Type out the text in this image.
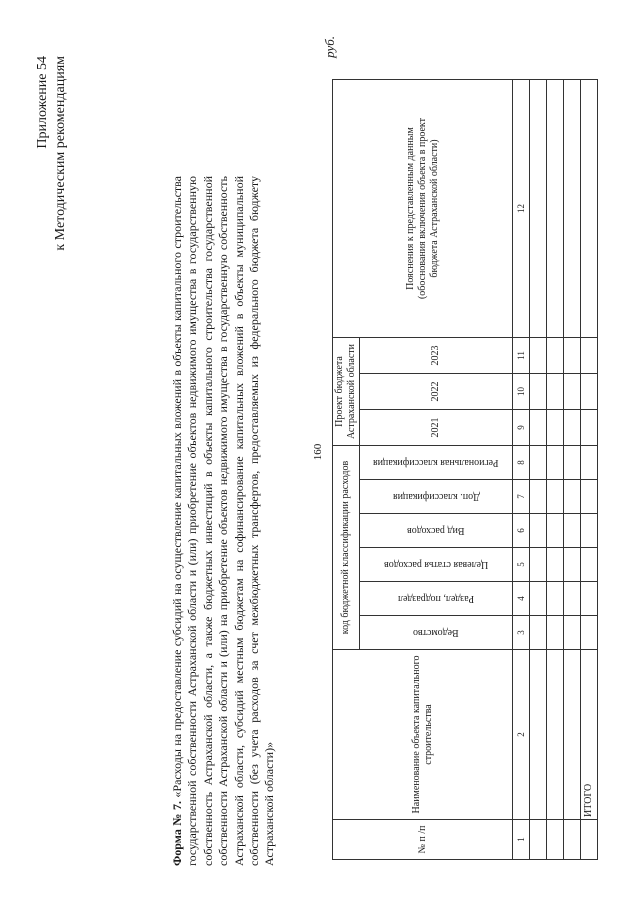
160
Приложение 54 к Методическим рекомендациям
Форма № 7. «Расходы на предоставление субсидий на осуществление капитальных вложений в объекты капитального строительства государственной собственности Астраханской области и (или) приобретение объектов недвижимого имущества в государственную собственность Астраханской области, а также бюджетных инвестиций в объекты капитального строительства государственной собственности Астраханской области и (или) на приобретение объектов недвижимого имущества в государственную собственность Астраханской области, субсидий местным бюджетам на софинансирование капитальных вложений в объекты муниципальной собственности (без учета расходов за счет межбюджетных трансфертов, предоставляемых из федерального бюджета бюджету Астраханской области)»
руб.
№ п /п	Наименование объекта капитального строительства	код бюджетной классификации расходов						Проект бюджета Астраханской области			Пояснения к представленным данным (обоснования включения объекта в проект бюджета Астраханской области)

		Ведомство	Раздел, подраздел	Целевая статья расходов	Вид расходов	Доп. классификация	Региональная классификация	2021	2022	2023	

1	2	3	4	5	6	7	8	9	10	11	12

	ИТОГО										
